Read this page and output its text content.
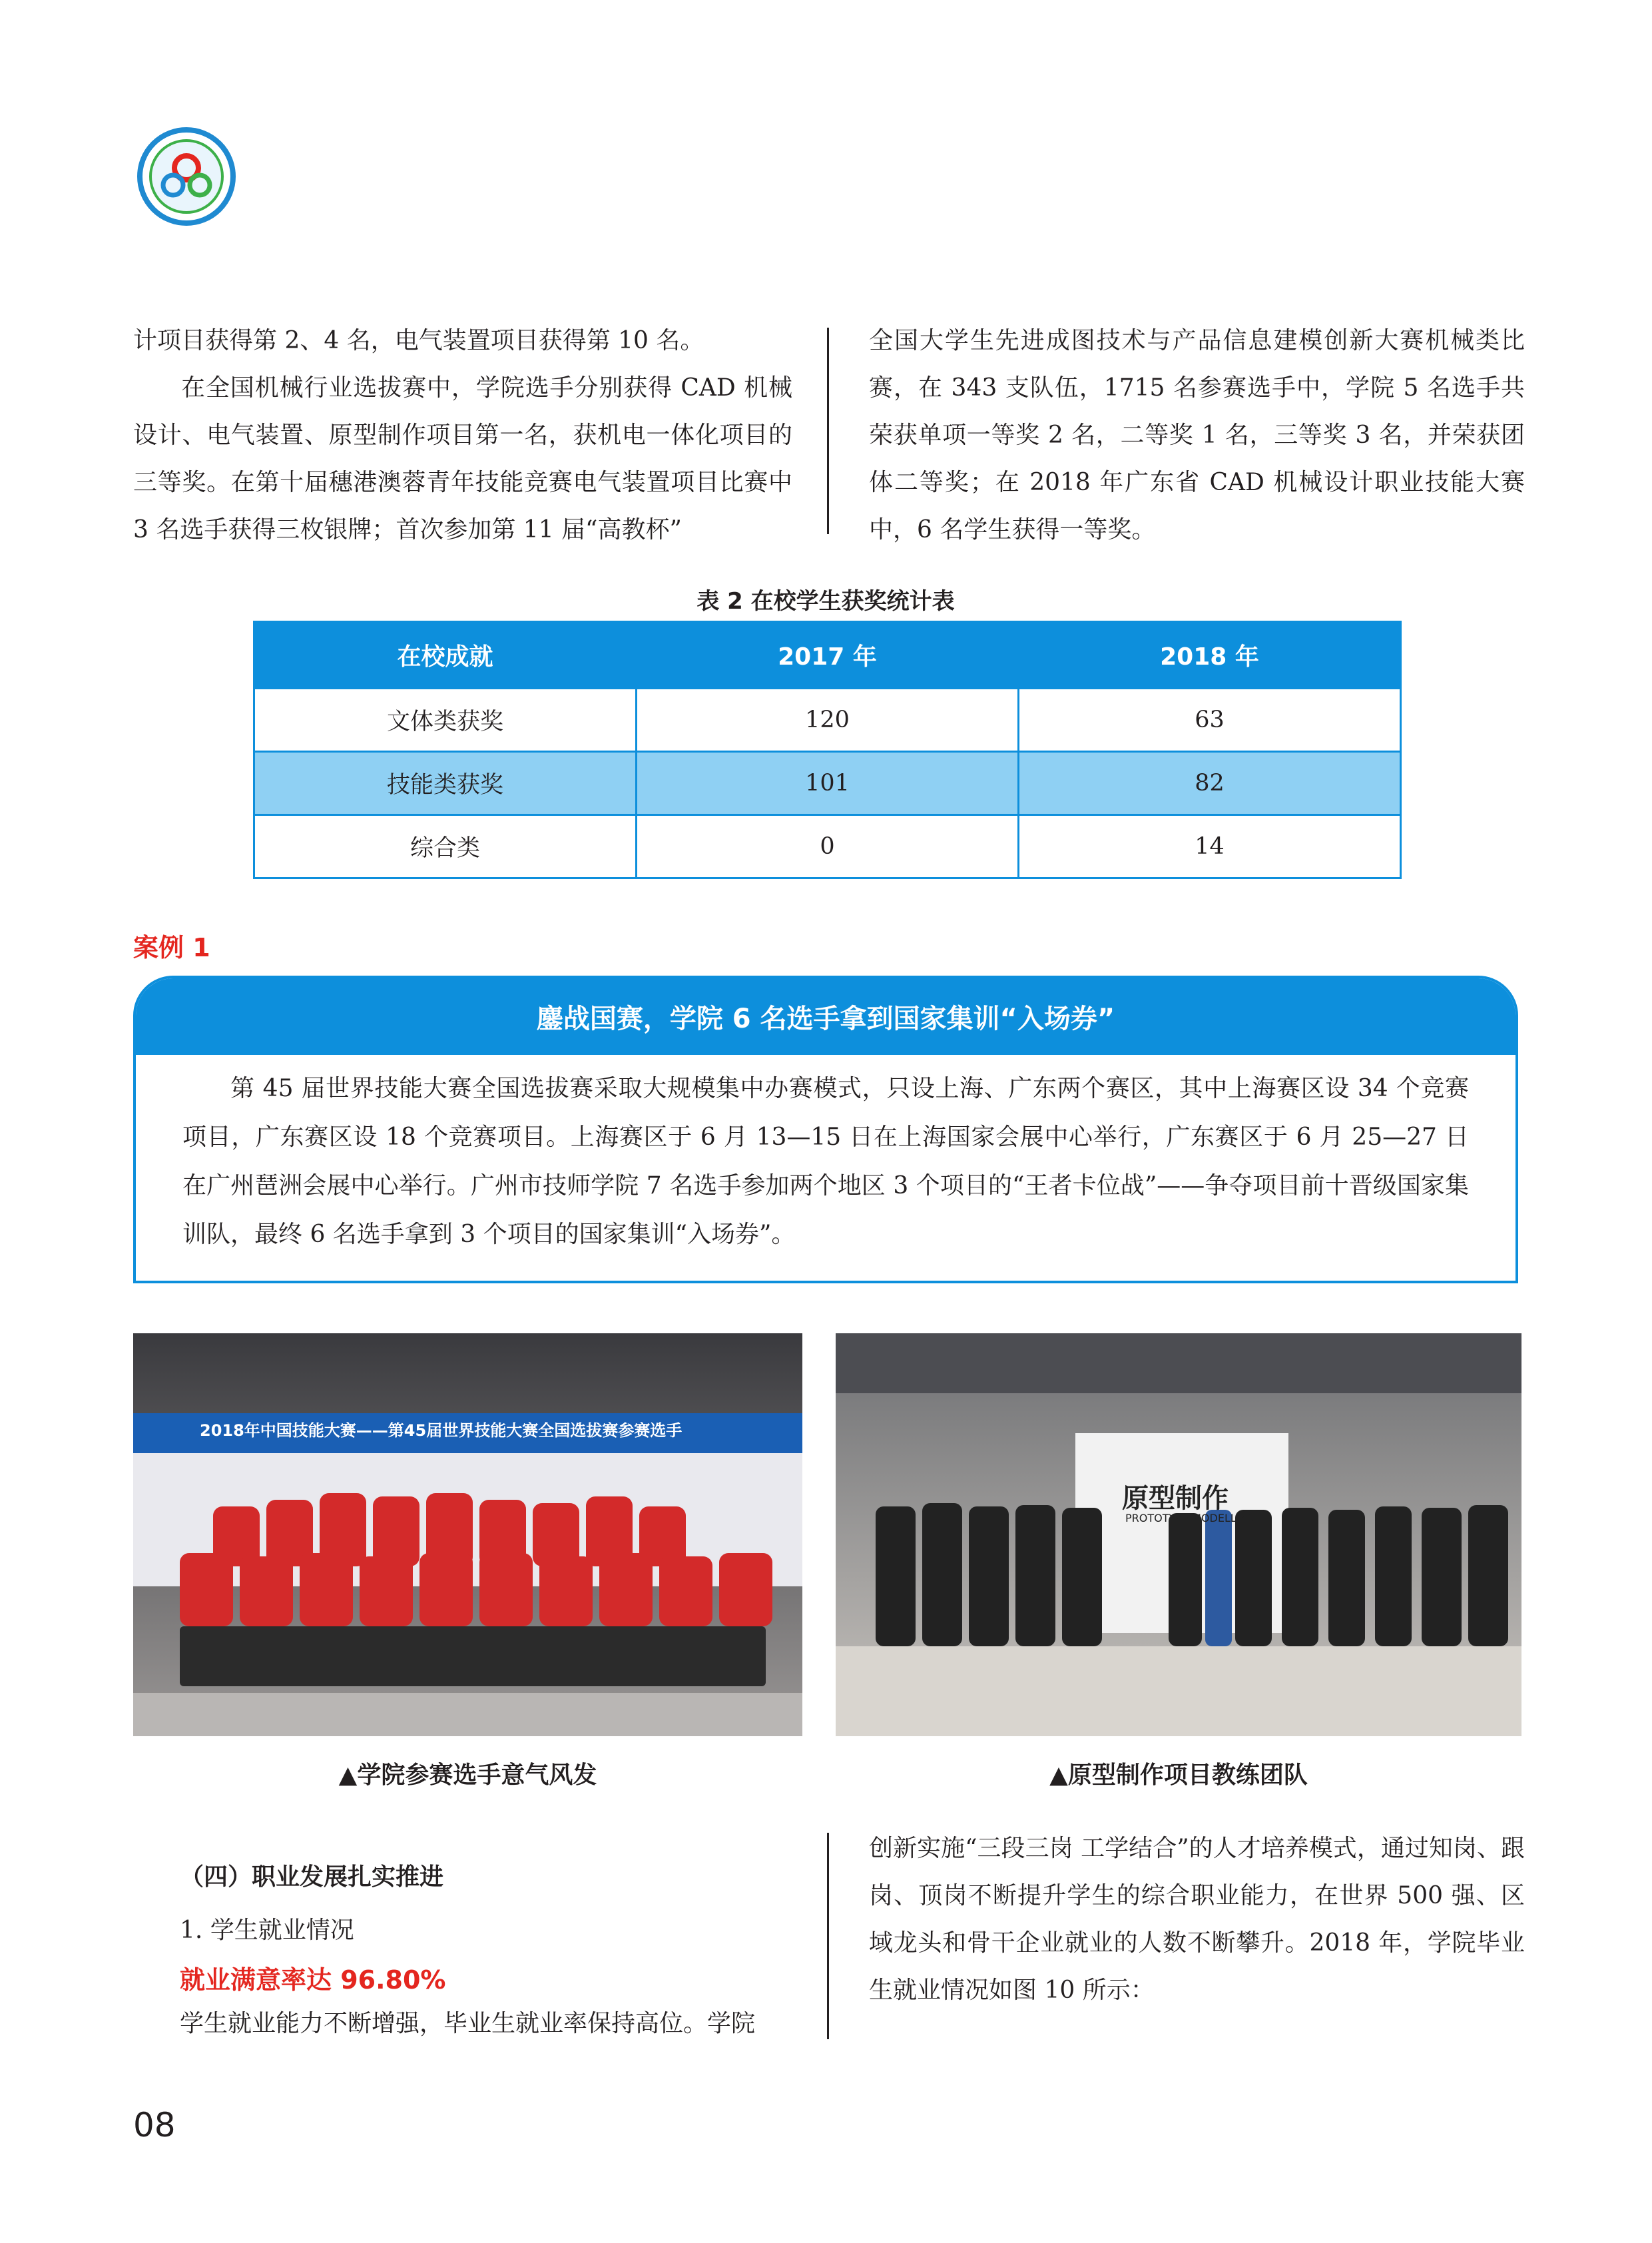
计项目获得第 2、4 名，电气装置项目获得第 10 名。

在全国机械行业选拔赛中，学院选手分别获得 CAD 机械设计、电气装置、原型制作项目第一名，获机电一体化项目的三等奖。在第十届穗港澳蓉青年技能竞赛电气装置项目比赛中 3 名选手获得三枚银牌；首次参加第 11 届“高教杯”

全国大学生先进成图技术与产品信息建模创新大赛机械类比赛，在 343 支队伍，1715 名参赛选手中，学院 5 名选手共荣获单项一等奖 2 名，二等奖 1 名，三等奖 3 名，并荣获团体二等奖；在 2018 年广东省 CAD 机械设计职业技能大赛中，6 名学生获得一等奖。

表 2 在校学生获奖统计表
在校成就	2017 年	2018 年
文体类获奖	120	63
技能类获奖	101	82
综合类	0	14
案例 1
鏖战国赛，学院 6 名选手拿到国家集训“入场券”
第 45 届世界技能大赛全国选拔赛采取大规模集中办赛模式，只设上海、广东两个赛区，其中上海赛区设 34 个竞赛项目，广东赛区设 18 个竞赛项目。上海赛区于 6 月 13—15 日在上海国家会展中心举行，广东赛区于 6 月 25—27 日在广州琶洲会展中心举行。广州市技师学院 7 名选手参加两个地区 3 个项目的“王者卡位战”——争夺项目前十晋级国家集训队，最终 6 名选手拿到 3 个项目的国家集训“入场券”。
2018年中国技能大赛——第45届世界技能大赛全国选拔赛参赛选手
▲学院参赛选手意气风发
原型制作
PROTOTYPE MODELLING
▲原型制作项目教练团队
（四）职业发展扎实推进
1. 学生就业情况
就业满意率达 96.80%
学生就业能力不断增强，毕业生就业率保持高位。学院

创新实施“三段三岗 工学结合”的人才培养模式，通过知岗、跟岗、顶岗不断提升学生的综合职业能力，在世界 500 强、区域龙头和骨干企业就业的人数不断攀升。2018 年，学院毕业生就业情况如图 10 所示：

08
